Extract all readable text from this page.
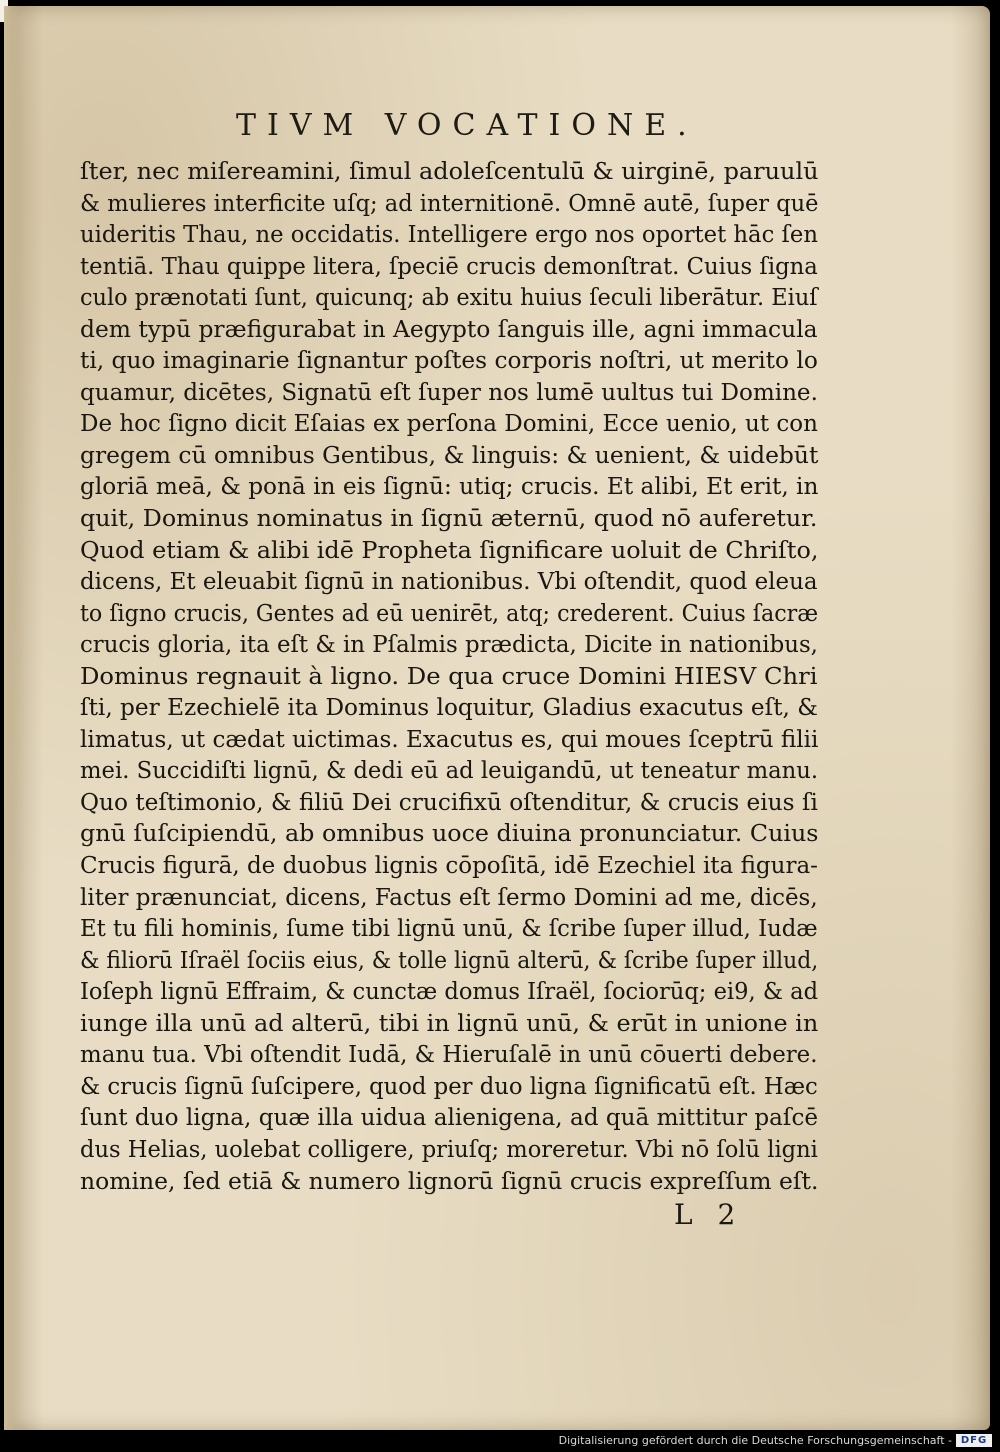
TIVM VOCATIONE.
ſter, nec miſereamini, ſimul adoleſcentulū & uirginē, paruulū
& mulieres interficite uſq; ad internitionē. Omnē autē, ſuper quē
uideritis Thau, ne occidatis. Intelligere ergo nos oportet hāc ſen
tentiā. Thau quippe litera, ſpeciē crucis demonſtrat. Cuius ſigna
culo prænotati ſunt, quicunq; ab exitu huius ſeculi liberātur. Eiuſ
dem typū præfigurabat in Aegypto ſanguis ille, agni immacula
ti, quo imaginarie ſignantur poſtes corporis noſtri, ut merito lo
quamur, dicētes, Signatū eſt ſuper nos lumē uultus tui Domine.
De hoc ſigno dicit Eſaias ex perſona Domini, Ecce uenio, ut con
gregem cū omnibus Gentibus, & linguis: & uenient, & uidebūt
gloriā meā, & ponā in eis ſignū: utiq; crucis. Et alibi, Et erit, in
quit, Dominus nominatus in ſignū æternū, quod nō auferetur.
Quod etiam & alibi idē Propheta ſignificare uoluit de Chriſto,
dicens, Et eleuabit ſignū in nationibus. Vbi oſtendit, quod eleua
to ſigno crucis, Gentes ad eū uenirēt, atq; crederent. Cuius ſacræ
crucis gloria, ita eſt & in Pſalmis prædicta, Dicite in nationibus,
Dominus regnauit à ligno. De qua cruce Domini HIESV Chri
ſti, per Ezechielē ita Dominus loquitur, Gladius exacutus eſt, &
limatus, ut cædat uictimas. Exacutus es, qui moues ſceptrū filii
mei. Succidiſti lignū, & dedi eū ad leuigandū, ut teneatur manu.
Quo teſtimonio, & filiū Dei crucifixū oſtenditur, & crucis eius ſi
gnū ſuſcipiendū, ab omnibus uoce diuina pronunciatur. Cuius
Crucis figurā, de duobus lignis cōpoſitā, idē Ezechiel ita figura-
liter prænunciat, dicens, Factus eſt ſermo Domini ad me, dicēs,
Et tu fili hominis, ſume tibi lignū unū, & ſcribe ſuper illud, Iudæ
& filiorū Iſraël ſociis eius, & tolle lignū alterū, & ſcribe ſuper illud,
Ioſeph lignū Effraim, & cunctæ domus Iſraël, ſociorūq; ei9, & ad
iunge illa unū ad alterū, tibi in lignū unū, & erūt in unione in
manu tua. Vbi oſtendit Iudā, & Hieruſalē in unū cōuerti debere.
& crucis ſignū ſuſcipere, quod per duo ligna ſignificatū eſt. Hæc
ſunt duo ligna, quæ illa uidua alienigena, ad quā mittitur paſcē
dus Helias, uolebat colligere, priuſq; moreretur. Vbi nō ſolū ligni
nomine, ſed etiā & numero lignorū ſignū crucis expreſſum eſt.
L 2
Digitalisierung gefördert durch die Deutsche Forschungsgemeinschaft - DFG
